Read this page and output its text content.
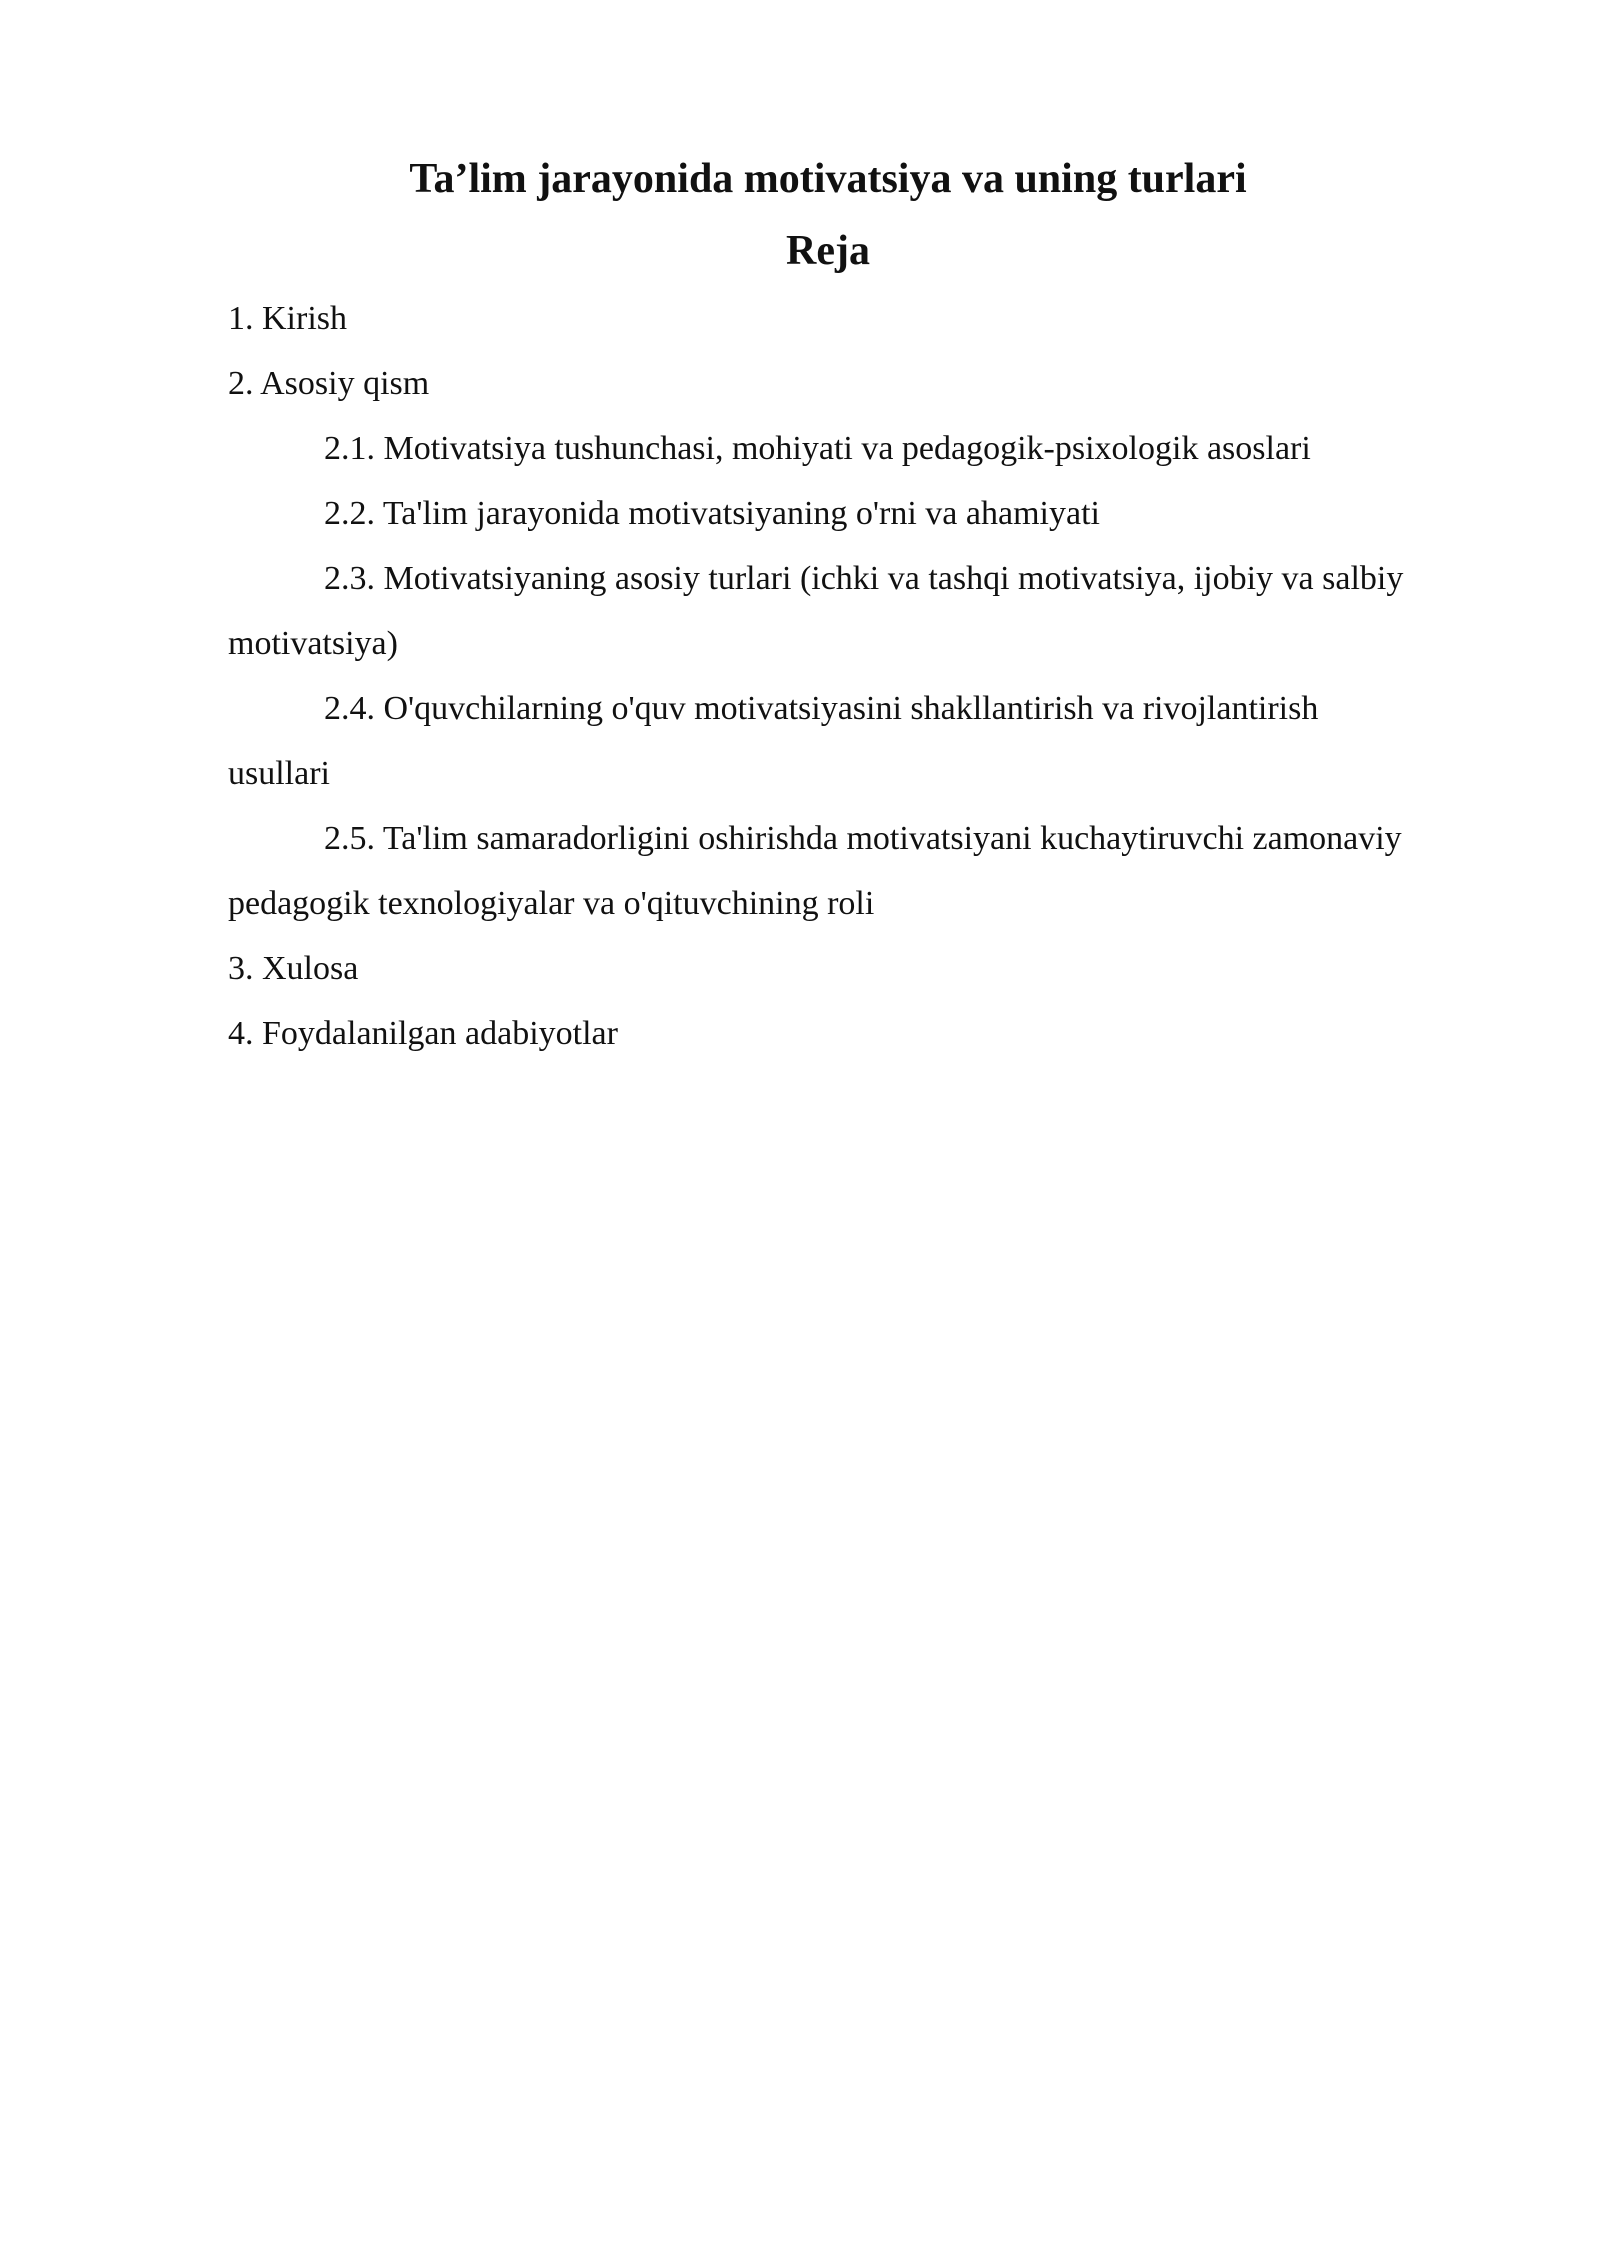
Ta’lim jarayonida motivatsiya va uning turlari
Reja
1. Kirish
2. Asosiy qism
2.1. Motivatsiya tushunchasi, mohiyati va pedagogik-psixologik asoslari
2.2. Ta'lim jarayonida motivatsiyaning o'rni va ahamiyati
2.3. Motivatsiyaning asosiy turlari (ichki va tashqi motivatsiya, ijobiy va salbiy motivatsiya)
2.4. O'quvchilarning o'quv motivatsiyasini shakllantirish va rivojlantirish usullari
2.5. Ta'lim samaradorligini oshirishda motivatsiyani kuchaytiruvchi zamonaviy pedagogik texnologiyalar va o'qituvchining roli
3. Xulosa
4. Foydalanilgan adabiyotlar
